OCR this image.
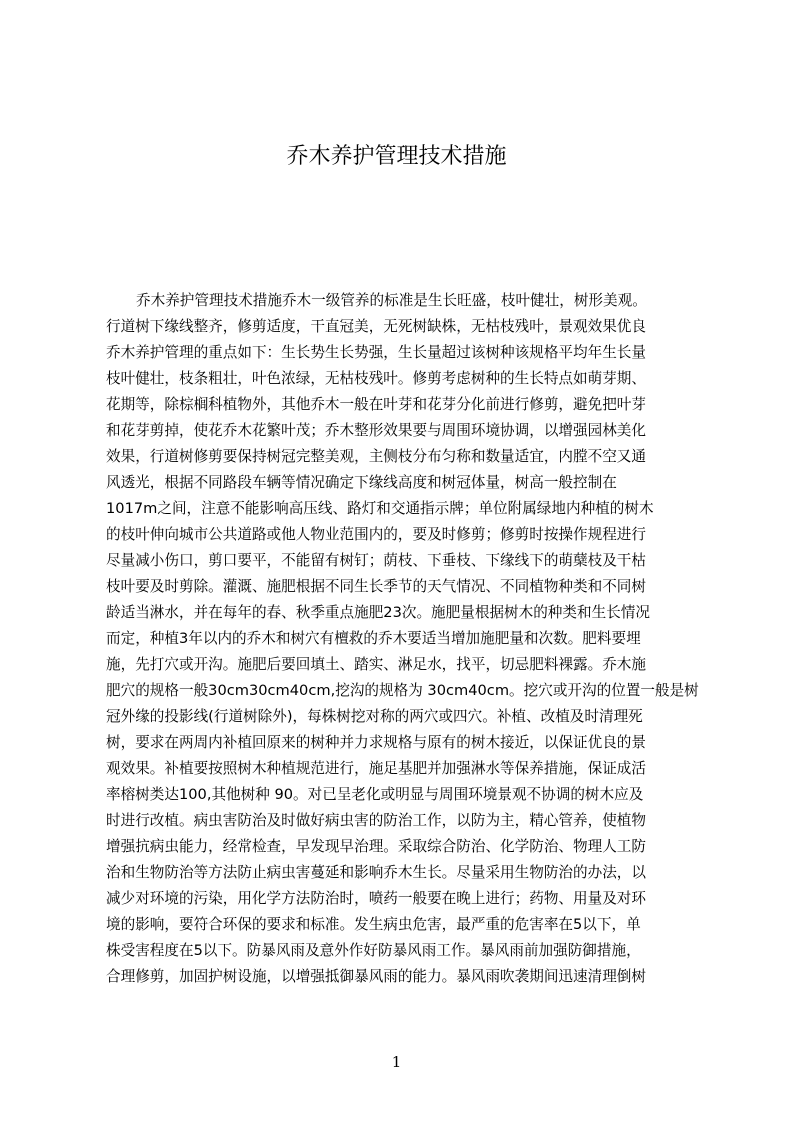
乔木养护管理技术措施
乔木养护管理技术措施乔木一级管养的标准是生长旺盛，枝叶健壮，树形美观。
行道树下缘线整齐，修剪适度，干直冠美，无死树缺株，无枯枝残叶，景观效果优良
乔木养护管理的重点如下：生长势生长势强，生长量超过该树种该规格平均年生长量
枝叶健壮，枝条粗壮，叶色浓绿，无枯枝残叶。修剪考虑树种的生长特点如萌芽期、
花期等，除棕榈科植物外，其他乔木一般在叶芽和花芽分化前进行修剪，避免把叶芽
和花芽剪掉，使花乔木花繁叶茂；乔木整形效果要与周围环境协调，以增强园林美化
效果，行道树修剪要保持树冠完整美观，主侧枝分布匀称和数量适宜，内膛不空又通
风透光，根据不同路段车辆等情况确定下缘线高度和树冠体量，树高一般控制在
1017m之间，注意不能影响高压线、路灯和交通指示牌；单位附属绿地内种植的树木
的枝叶伸向城市公共道路或他人物业范围内的，要及时修剪；修剪时按操作规程进行
尽量减小伤口，剪口要平，不能留有树钉；荫枝、下垂枝、下缘线下的萌蘖枝及干枯
枝叶要及时剪除。灌溉、施肥根据不同生长季节的天气情况、不同植物种类和不同树
龄适当淋水，并在每年的春、秋季重点施肥23次。施肥量根据树木的种类和生长情况
而定，种植3年以内的乔木和树穴有檀救的乔木要适当增加施肥量和次数。肥料要埋
施，先打穴或开沟。施肥后要回填土、踏实、淋足水，找平，切忌肥料裸露。乔木施
肥穴的规格一般30cm30cm40cm,挖沟的规格为 30cm40cm。挖穴或开沟的位置一般是树
冠外缘的投影线(行道树除外)，每株树挖对称的两穴或四穴。补植、改植及时清理死
树，要求在两周内补植回原来的树种并力求规格与原有的树木接近，以保证优良的景
观效果。补植要按照树木种植规范进行，施足基肥并加强淋水等保养措施，保证成活
率榕树类达100,其他树种 90。对已呈老化或明显与周围环境景观不协调的树木应及
时进行改植。病虫害防治及时做好病虫害的防治工作，以防为主，精心管养，使植物
增强抗病虫能力，经常检查，早发现早治理。采取综合防治、化学防治、物理人工防
治和生物防治等方法防止病虫害蔓延和影响乔木生长。尽量采用生物防治的办法，以
减少对环境的污染，用化学方法防治时，喷药一般要在晚上进行；药物、用量及对环
境的影响，要符合环保的要求和标准。发生病虫危害，最严重的危害率在5以下，单
株受害程度在5以下。防暴风雨及意外作好防暴风雨工作。暴风雨前加强防御措施，
合理修剪，加固护树设施，以增强抵御暴风雨的能力。暴风雨吹袭期间迅速清理倒树
1
